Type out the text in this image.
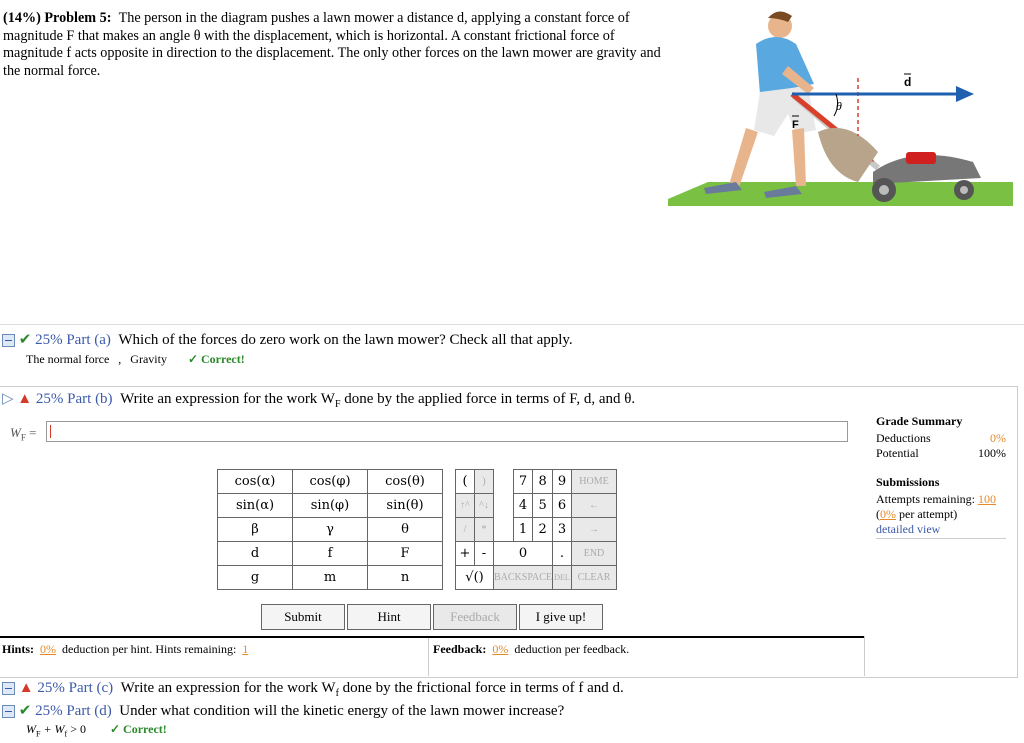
(14%) Problem 5: The person in the diagram pushes a lawn mower a distance d, applying a constant force of magnitude F that makes an angle θ with the displacement, which is horizontal. A constant frictional force of magnitude f acts opposite in direction to the displacement. The only other forces on the lawn mower are gravity and the normal force.
θ
d
F
✔ 25% Part (a) Which of the forces do zero work on the lawn mower? Check all that apply.
The normal force , Gravity ✓ Correct!
▷ ▲ 25% Part (b) Write an expression for the work $W_F$ done by the applied force in terms of F, d, and θ.
$W_F$ =
Grade Summary
Deductions	0%
Potential	100%
Submissions
Attempts remaining: 100
(0% per attempt)
detailed view
cos(α)	cos(φ)	cos(θ)
sin(α)	sin(φ)	sin(θ)
β	γ	θ
d	f	F
g	m	n
(	)		7	8	9	HOME
↑^	^↓		4	5	6	←
/	*		1	2	3	→
+	-	0			.	END
√()		BACKSPACE			DEL	CLEAR
Submit	Hint	Feedback	I give up!
Hints: 0% deduction per hint. Hints remaining: 1	Feedback: 0% deduction per feedback.
▲ 25% Part (c) Write an expression for the work $W_f$ done by the frictional force in terms of f and d.
✔ 25% Part (d) Under what condition will the kinetic energy of the lawn mower increase?
$W_F + W_f > 0$ ✓ Correct!
